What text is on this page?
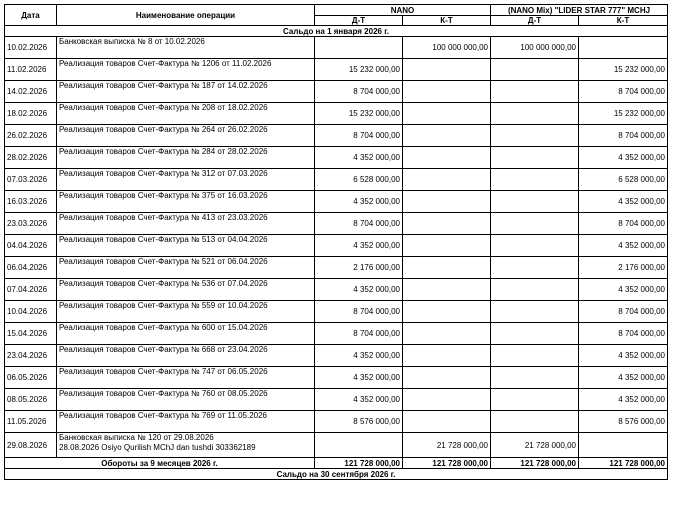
Дата	Наименование операции	NANO		(NANO Mix) "LIDER STAR 777" MCHJ	
		Д-Т	К-Т	Д-Т	К-Т
Сальдо на 1 января 2026 г.					
10.02.2026	Банковская выписка № 8 от 10.02.2026		100 000 000,00	100 000 000,00	
11.02.2026	Реализация товаров Счет-Фактура № 1206 от 11.02.2026	15 232 000,00			15 232 000,00
14.02.2026	Реализация товаров Счет-Фактура № 187 от 14.02.2026	8 704 000,00			8 704 000,00
18.02.2026	Реализация товаров Счет-Фактура № 208 от 18.02.2026	15 232 000,00			15 232 000,00
26.02.2026	Реализация товаров Счет-Фактура № 264 от 26.02.2026	8 704 000,00			8 704 000,00
28.02.2026	Реализация товаров Счет-Фактура № 284 от 28.02.2026	4 352 000,00			4 352 000,00
07.03.2026	Реализация товаров Счет-Фактура № 312 от 07.03.2026	6 528 000,00			6 528 000,00
16.03.2026	Реализация товаров Счет-Фактура № 375 от 16.03.2026	4 352 000,00			4 352 000,00
23.03.2026	Реализация товаров Счет-Фактура № 413 от 23.03.2026	8 704 000,00			8 704 000,00
04.04.2026	Реализация товаров Счет-Фактура № 513 от 04.04.2026	4 352 000,00			4 352 000,00
06.04.2026	Реализация товаров Счет-Фактура № 521 от 06.04.2026	2 176 000,00			2 176 000,00
07.04.2026	Реализация товаров Счет-Фактура № 536 от 07.04.2026	4 352 000,00			4 352 000,00
10.04.2026	Реализация товаров Счет-Фактура № 559 от 10.04.2026	8 704 000,00			8 704 000,00
15.04.2026	Реализация товаров Счет-Фактура № 600 от 15.04.2026	8 704 000,00			8 704 000,00
23.04.2026	Реализация товаров Счет-Фактура № 668 от 23.04.2026	4 352 000,00			4 352 000,00
06.05.2026	Реализация товаров Счет-Фактура № 747 от 06.05.2026	4 352 000,00			4 352 000,00
08.05.2026	Реализация товаров Счет-Фактура № 760 от 08.05.2026	4 352 000,00			4 352 000,00
11.05.2026	Реализация товаров Счет-Фактура № 769 от 11.05.2026	8 576 000,00			8 576 000,00
29.08.2026	Банковская выписка № 120 от 29.08.2026
28.08.2026 Osiyo Qurilish MChJ dan tushdi 303362189		21 728 000,00	21 728 000,00	
Обороты за 9 месяцев 2026 г.		121 728 000,00	121 728 000,00	121 728 000,00	121 728 000,00
Сальдо на 30 сентября 2026 г.					
